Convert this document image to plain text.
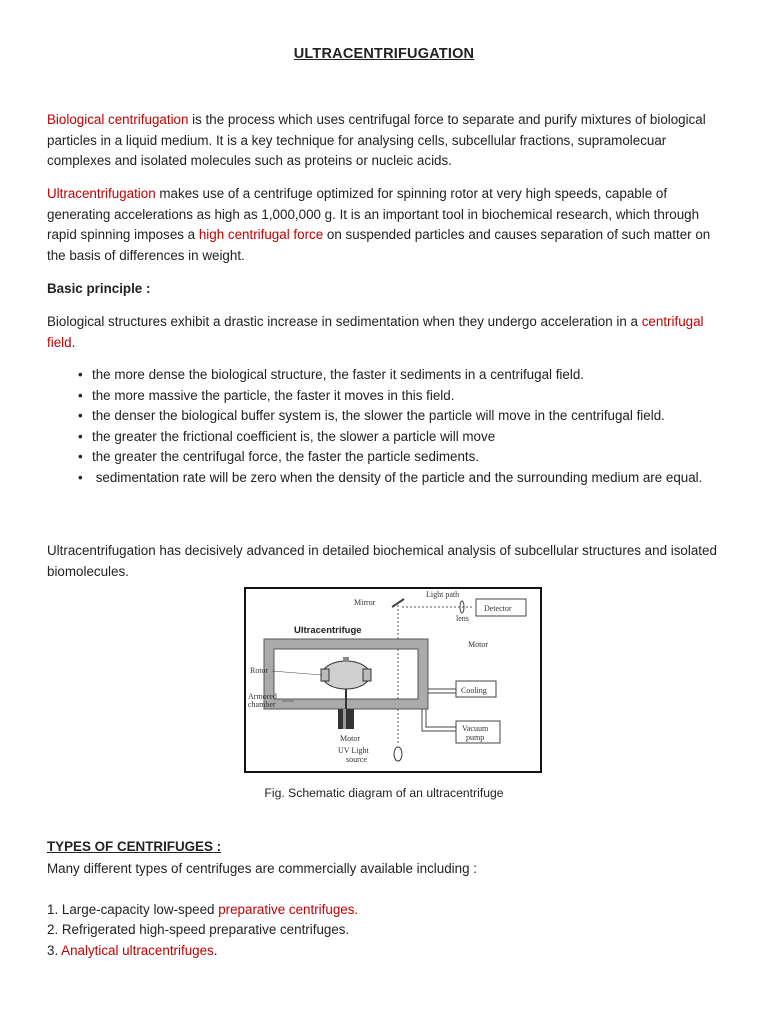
ULTRACENTRIFUGATION
Biological centrifugation is the process which uses centrifugal force to separate and purify mixtures of biological particles in a liquid medium. It is a key technique for analysing cells, subcellular fractions, supramolecuar complexes and isolated molecules such as proteins or nucleic acids.
Ultracentrifugation makes use of a centrifuge optimized for spinning rotor at very high speeds, capable of generating accelerations as high as 1,000,000 g. It is an important tool in biochemical research, which through rapid spinning imposes a high centrifugal force on suspended particles and causes separation of such matter on the basis of differences in weight.
Basic principle :
Biological structures exhibit a drastic increase in sedimentation when they undergo acceleration in a centrifugal field.
• the more dense the biological structure, the faster it sediments in a centrifugal field.
• the more massive the particle, the faster it moves in this field.
• the denser the biological buffer system is, the slower the particle will move in the centrifugal field.
• the greater the frictional coefficient is, the slower a particle will move
• the greater the centrifugal force, the faster the particle sediments.
• sedimentation rate will be zero when the density of the particle and the surrounding medium are equal.
Ultracentrifugation has decisively advanced in detailed biochemical analysis of subcellular structures and isolated biomolecules.
Mirror
Light path
lens
Detector
Ultracentrifuge
Motor
Rotor
Armored
chamber
Motor
Cooling
Vacuum
pump
UV Light
source
Fig. Schematic diagram of an ultracentrifuge
TYPES OF CENTRIFUGES :
Many different types of centrifuges are commercially available including :
1. Large-capacity low-speed preparative centrifuges.
2. Refrigerated high-speed preparative centrifuges.
3. Analytical ultracentrifuges.
